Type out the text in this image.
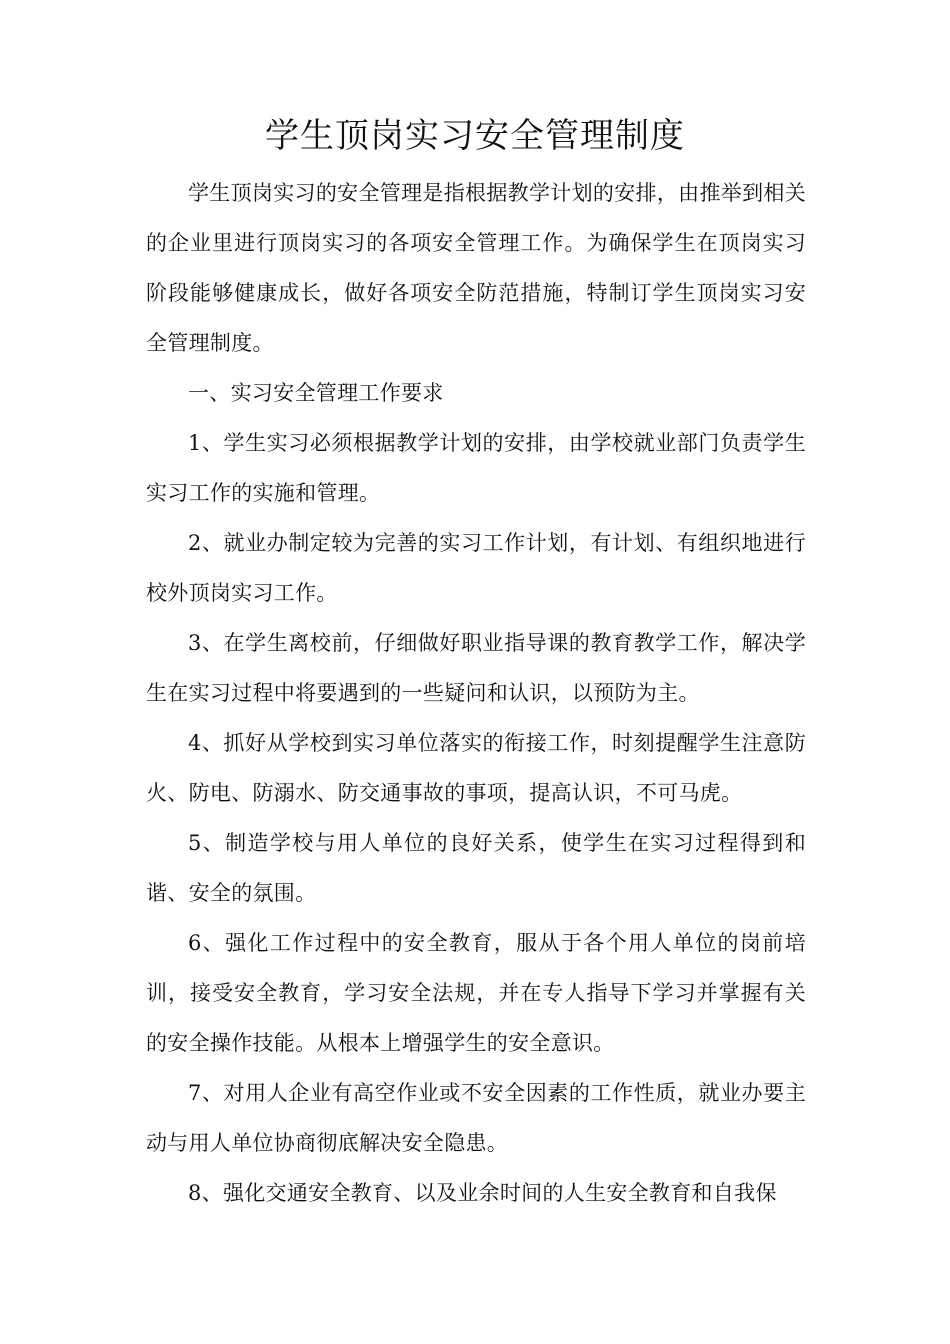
学生顶岗实习安全管理制度

学生顶岗实习的安全管理是指根据教学计划的安排，由推举到相关的企业里进行顶岗实习的各项安全管理工作。为确保学生在顶岗实习阶段能够健康成长，做好各项安全防范措施，特制订学生顶岗实习安全管理制度。

一、实习安全管理工作要求

1、学生实习必须根据教学计划的安排，由学校就业部门负责学生实习工作的实施和管理。

2、就业办制定较为完善的实习工作计划，有计划、有组织地进行校外顶岗实习工作。

3、在学生离校前，仔细做好职业指导课的教育教学工作，解决学生在实习过程中将要遇到的一些疑问和认识，以预防为主。

4、抓好从学校到实习单位落实的衔接工作，时刻提醒学生注意防火、防电、防溺水、防交通事故的事项，提高认识，不可马虎。

5、制造学校与用人单位的良好关系，使学生在实习过程得到和谐、安全的氛围。

6、强化工作过程中的安全教育，服从于各个用人单位的岗前培训，接受安全教育，学习安全法规，并在专人指导下学习并掌握有关的安全操作技能。从根本上增强学生的安全意识。

7、对用人企业有高空作业或不安全因素的工作性质，就业办要主动与用人单位协商彻底解决安全隐患。

8、强化交通安全教育、以及业余时间的人生安全教育和自我保
